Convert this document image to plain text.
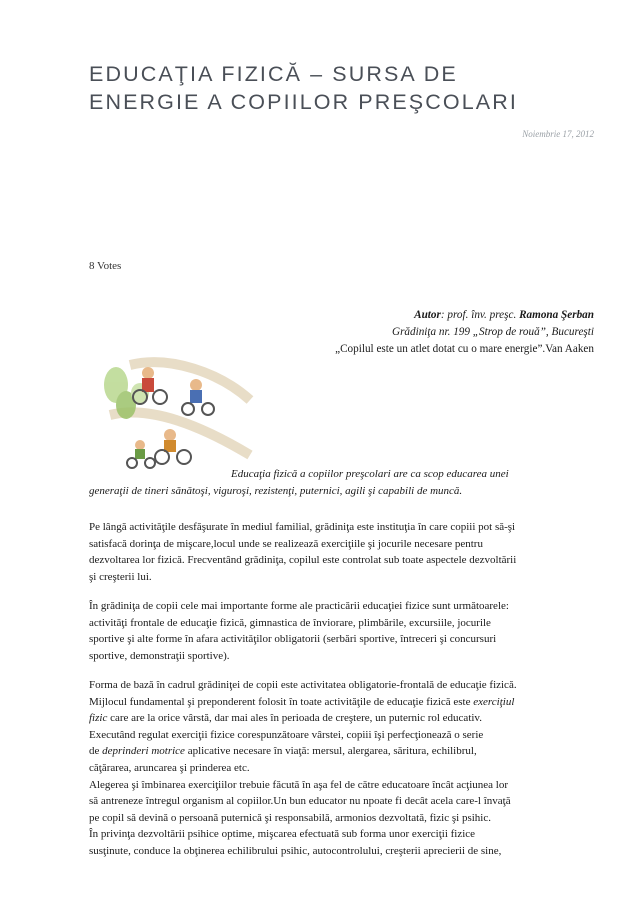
EDUCAŢIA FIZICĂ – SURSA DE
ENERGIE A COPIILOR PREŞCOLARI
Noiembrie 17, 2012
8 Votes
Autor: prof. înv. preşc. Ramona Şerban
Grădiniţa nr. 199 „Strop de rouă”, Bucureşti
„Copilul este un atlet dotat cu o mare energie”.Van Aaken
Educaţia fizică a copiilor preşcolari are ca scop educarea unei
generaţii de tineri sănătoşi, viguroşi, rezistenţi, puternici, agili şi capabili de muncă.
Pe lângă activităţile desfăşurate în mediul familial, grădiniţa este instituţia în care copiii pot să-şi
satisfacă dorinţa de mişcare,locul unde se realizează exerciţiile şi jocurile necesare pentru
dezvoltarea lor fizică. Frecventând grădiniţa, copilul este controlat sub toate aspectele dezvoltării
şi creşterii lui.
În grădiniţa de copii cele mai importante forme ale practicării educaţiei fizice sunt următoarele:
activităţi frontale de educaţie fizică, gimnastica de înviorare, plimbările, excursiile, jocurile
sportive şi alte forme în afara activităţilor obligatorii (serbări sportive, întreceri şi concursuri
sportive, demonstraţii sportive).
Forma de bază în cadrul grădiniţei de copii este activitatea obligatorie-frontală de educaţie fizică.
Mijlocul fundamental şi preponderent folosit în toate activităţile de educaţie fizică este exerciţiul
fizic care are la orice vârstă, dar mai ales în perioada de creştere, un puternic rol educativ.
Executând regulat exerciţii fizice corespunzătoare vârstei, copiii îşi perfecţionează o serie
de deprinderi motrice aplicative necesare în viaţă: mersul, alergarea, săritura, echilibrul,
căţărarea, aruncarea şi prinderea etc.
Alegerea şi îmbinarea exerciţiilor trebuie făcută în aşa fel de către educatoare încât acţiunea lor
să antreneze întregul organism al copiilor.Un bun educator nu npoate fi decât acela care-l învaţă
pe copil să devină o persoană puternică şi responsabilă, armonios dezvoltată, fizic şi psihic.
În privinţa dezvoltării psihice optime, mişcarea efectuată sub forma unor exerciţii fizice
susţinute, conduce la obţinerea echilibrului psihic, autocontrolului, creşterii aprecierii de sine,
